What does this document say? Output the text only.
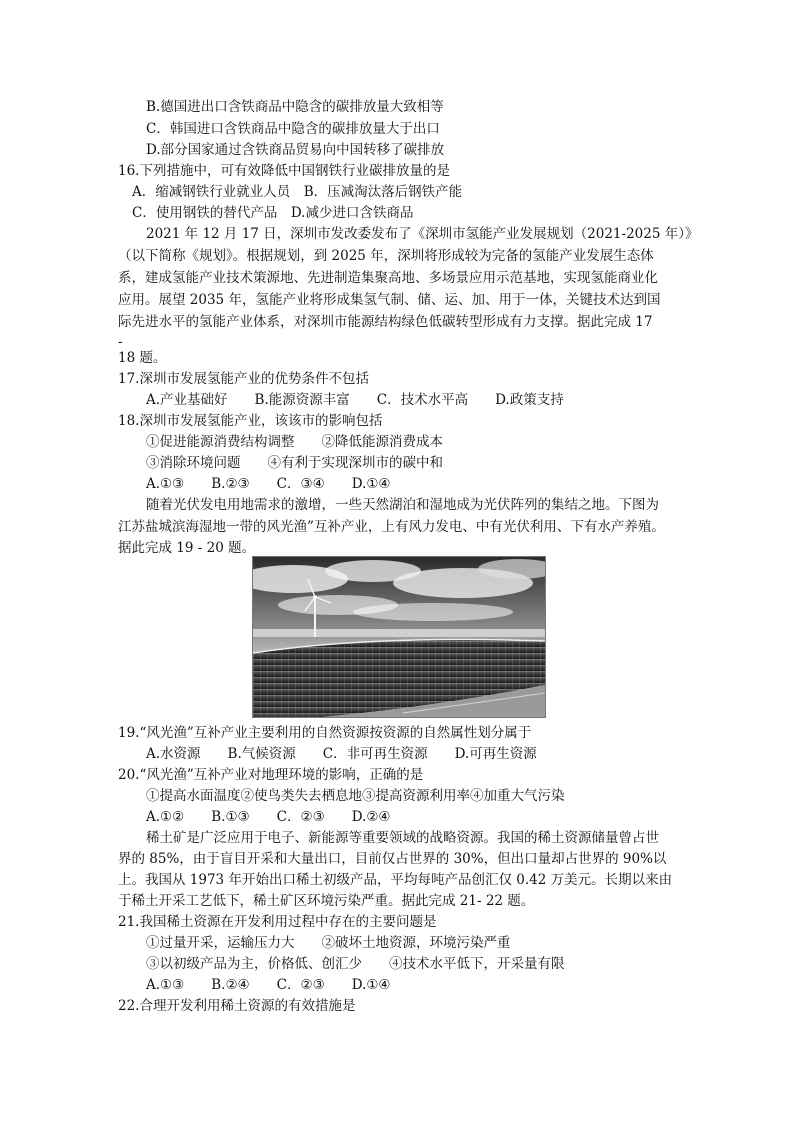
B.德国进出口含铁商品中隐含的碳排放量大致相等
C．韩国进口含铁商品中隐含的碳排放量大于出口
D.部分国家通过含铁商品贸易向中国转移了碳排放
16.下列措施中，可有效降低中国钢铁行业碳排放量的是
A．缩减钢铁行业就业人员　B．压减淘汰落后钢铁产能
C．使用钢铁的替代产品　D.减少进口含铁商品
2021 年 12 月 17 日，深圳市发改委发布了《深圳市氢能产业发展规划（2021-2025 年）》
（以下简称《规划》。根据规划，到 2025 年，深圳将形成较为完备的氢能产业发展生态体
系，建成氢能产业技术策源地、先进制造集聚高地、多场景应用示范基地，实现氢能商业化
应用。展望 2035 年，氢能产业将形成集氢气制、储、运、加、用于一体，关键技术达到国
际先进水平的氢能产业体系，对深圳市能源结构绿色低碳转型形成有力支撑。据此完成 17
-
18 题。
17.深圳市发展氢能产业的优势条件不包括
A.产业基础好　　B.能源资源丰富　　C．技术水平高　　D.政策支持
18.深圳市发展氢能产业，该该市的影响包括
①促进能源消费结构调整　　②降低能源消费成本
③消除环境问题　　④有利于实现深圳市的碳中和
A.①③　　B.②③　　C．③④　　D.①④
随着光伏发电用地需求的激增，一些天然湖泊和湿地成为光伏阵列的集结之地。下图为
江苏盐城滨海湿地一带的风光渔”互补产业，上有风力发电、中有光伏利用、下有水产养殖。
据此完成 19 - 20 题。
19.“风光渔”互补产业主要利用的自然资源按资源的自然属性划分属于
A.水资源　　B.气候资源　　C．非可再生资源　　D.可再生资源
20.“风光渔”互补产业对地理环境的影响，正确的是
①提高水面温度②使鸟类失去栖息地③提高资源利用率④加重大气污染
A.①②　　B.①③　　C．②③　　D.②④
稀土矿是广泛应用于电子、新能源等重要领域的战略资源。我国的稀土资源储量曾占世
界的 85%，由于盲目开采和大量出口，目前仅占世界的 30%，但出口量却占世界的 90%以
上。我国从 1973 年开始出口稀土初级产品，平均每吨产品创汇仅 0.42 万美元。长期以来由
于稀土开采工艺低下，稀土矿区环境污染严重。据此完成 21- 22 题。
21.我国稀土资源在开发利用过程中存在的主要问题是
①过量开采，运输压力大　　②破坏土地资源，环境污染严重
③以初级产品为主，价格低、创汇少　　④技术水平低下，开采量有限
A.①③　　B.②④　　C．②③　　D.①④
22.合理开发利用稀土资源的有效措施是
